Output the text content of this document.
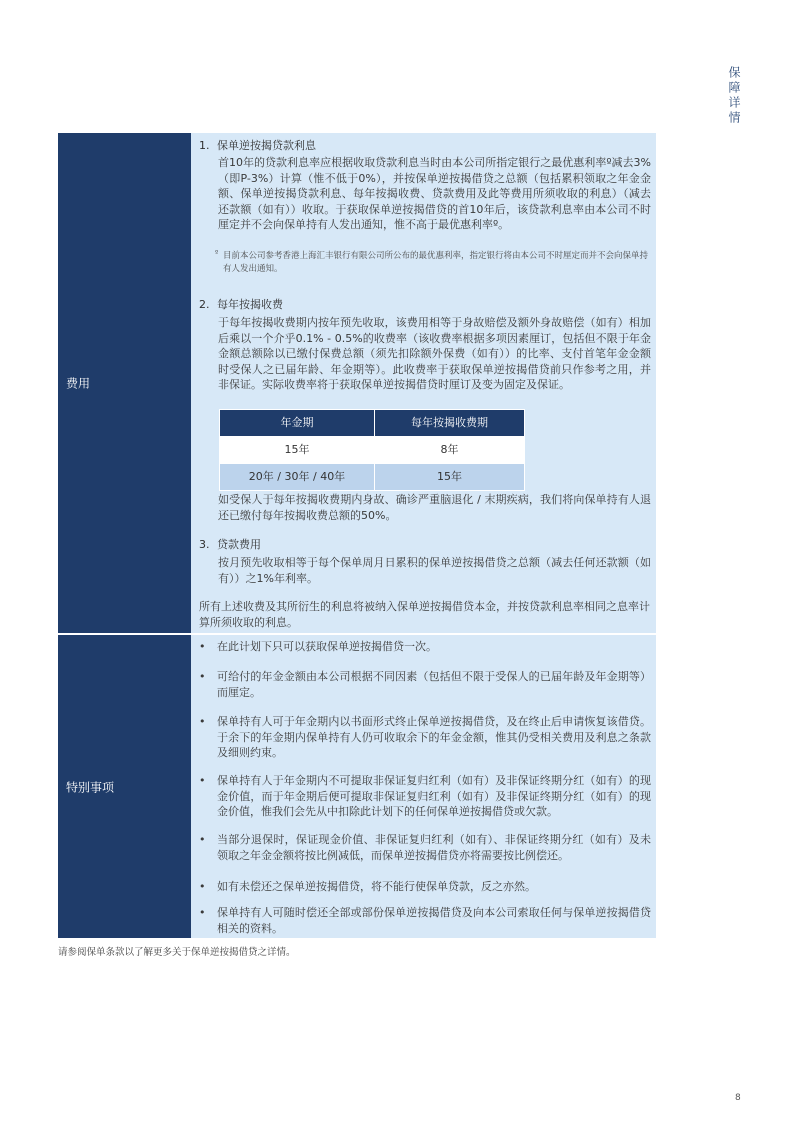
保障详情
费用
1. 保单逆按揭贷款利息
首10年的贷款利息率应根据收取贷款利息当时由本公司所指定银行之最优惠利率º减去3%（即P-3%）计算（惟不低于0%），并按保单逆按揭借贷之总额（包括累积领取之年金金额、保单逆按揭贷款利息、每年按揭收费、贷款费用及此等费用所须收取的利息）（减去还款额（如有））收取。于获取保单逆按揭借贷的首10年后，该贷款利息率由本公司不时厘定并不会向保单持有人发出通知，惟不高于最优惠利率º。
º 目前本公司参考香港上海汇丰银行有限公司所公布的最优惠利率，指定银行将由本公司不时厘定而并不会向保单持有人发出通知。
2. 每年按揭收费
于每年按揭收费期内按年预先收取，该费用相等于身故赔偿及额外身故赔偿（如有）相加后乘以一个介乎0.1% - 0.5%的收费率（该收费率根据多项因素厘订，包括但不限于年金金额总额除以已缴付保费总额（须先扣除额外保费（如有））的比率、支付首笔年金金额时受保人之已届年龄、年金期等）。此收费率于获取保单逆按揭借贷前只作参考之用，并非保证。实际收费率将于获取保单逆按揭借贷时厘订及变为固定及保证。
年金期	每年按揭收费期
15年	8年
20年 / 30年 / 40年	15年
如受保人于每年按揭收费期内身故、确诊严重脑退化 / 末期疾病，我们将向保单持有人退还已缴付每年按揭收费总额的50%。
3. 贷款费用
按月预先收取相等于每个保单周月日累积的保单逆按揭借贷之总额（减去任何还款额（如有））之1%年利率。
所有上述收费及其所衍生的利息将被纳入保单逆按揭借贷本金，并按贷款利息率相同之息率计算所须收取的利息。
特别事项
• 在此计划下只可以获取保单逆按揭借贷一次。
• 可给付的年金金额由本公司根据不同因素（包括但不限于受保人的已届年龄及年金期等）而厘定。
• 保单持有人可于年金期内以书面形式终止保单逆按揭借贷，及在终止后申请恢复该借贷。于余下的年金期内保单持有人仍可收取余下的年金金额，惟其仍受相关费用及利息之条款及细则约束。
• 保单持有人于年金期内不可提取非保证复归红利（如有）及非保证终期分红（如有）的现金价值，而于年金期后便可提取非保证复归红利（如有）及非保证终期分红（如有）的现金价值，惟我们会先从中扣除此计划下的任何保单逆按揭借贷或欠款。
• 当部分退保时，保证现金价值、非保证复归红利（如有）、非保证终期分红（如有）及未领取之年金金额将按比例减低，而保单逆按揭借贷亦将需要按比例偿还。
• 如有未偿还之保单逆按揭借贷，将不能行使保单贷款，反之亦然。
• 保单持有人可随时偿还全部或部份保单逆按揭借贷及向本公司索取任何与保单逆按揭借贷相关的资料。
请参阅保单条款以了解更多关于保单逆按揭借贷之详情。
8
